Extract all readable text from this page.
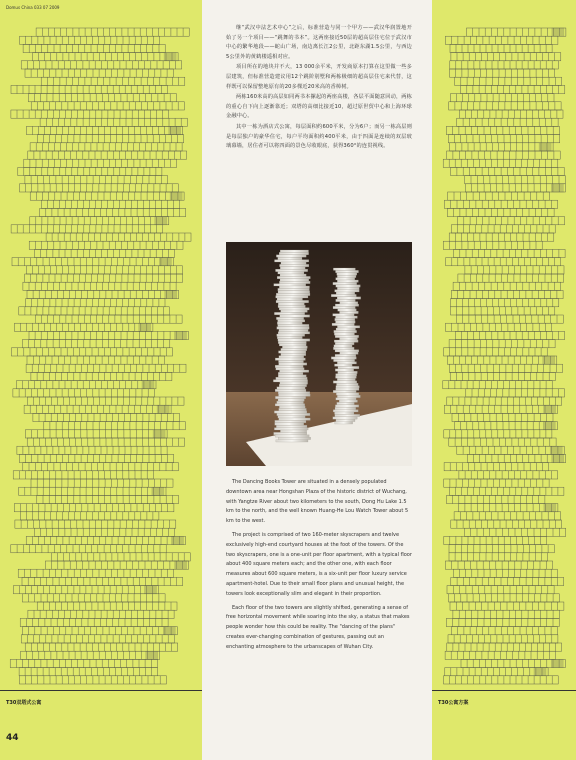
Domus China 033 07 2009
T30双塔式公寓	T30公寓方案
44

继“武汉中法艺术中心”之后，标准营造与同一个甲方——武汉华润置地开始了另一个项目——“跳舞的书本”。这两座接近50层的超高层住宅位于武汉市中心的繁华地段——蛇山广场，南边离长江2公里，北距东湖1.5公里，与西边5公里外的黄鹤楼遥相对应。

项目所在的地块并不大，13 000余平米，开发商原本打算在这里做一些多层建筑，但标准营造建议用12个跳阶别墅和两栋极细的超高层住宅来代替，这样既可以保留整地原有的20多棵近20米高的香樟树。

两栋160米高的高层如同两书本摞起的两座高楼，各层平面随意回动，两栋的重心自下向上逐渐靠近；双塔的高细比接近10，超过原世贸中心和上海环球金融中心。

其中一栋为酒店式公寓，每层面积约600平米，分为6户；而另一栋高层则是每层独户的豪华住宅，每户平均面积约400平米，由于四面是连续的双层玻璃幕墙，居住者可以将四面的景色尽收眼底，获得360°的连贯视线。

The Dancing Books Tower are situated in a densely populated downtown area near Hongshan Plaza of the historic district of Wuchang, with Yangtze River about two kilometers to the south, Dong Hu Lake 1.5 km to the north, and the well known Huang-He Lou Watch Tower about 5 km to the west.

The project is comprised of two 160-meter skyscrapers and twelve exclusively high-end courtyard houses at the foot of the towers. Of the two skyscrapers, one is a one-unit per floor apartment, with a typical floor about 400 square meters each; and the other one, with each floor measures about 600 square meters, is a six-unit per floor luxury service apartment-hotel. Due to their small floor plans and unusual height, the towers look exceptionally slim and elegant in their proportion.

Each floor of the two towers are slightly shifted, generating a sense of free horizontal movement while soaring into the sky, a status that makes people wonder how this could be reality. The "dancing of the plans" creates ever-changing combination of gestures, passing out an enchanting atmosphere to the urbanscapes of Wuhan City.
